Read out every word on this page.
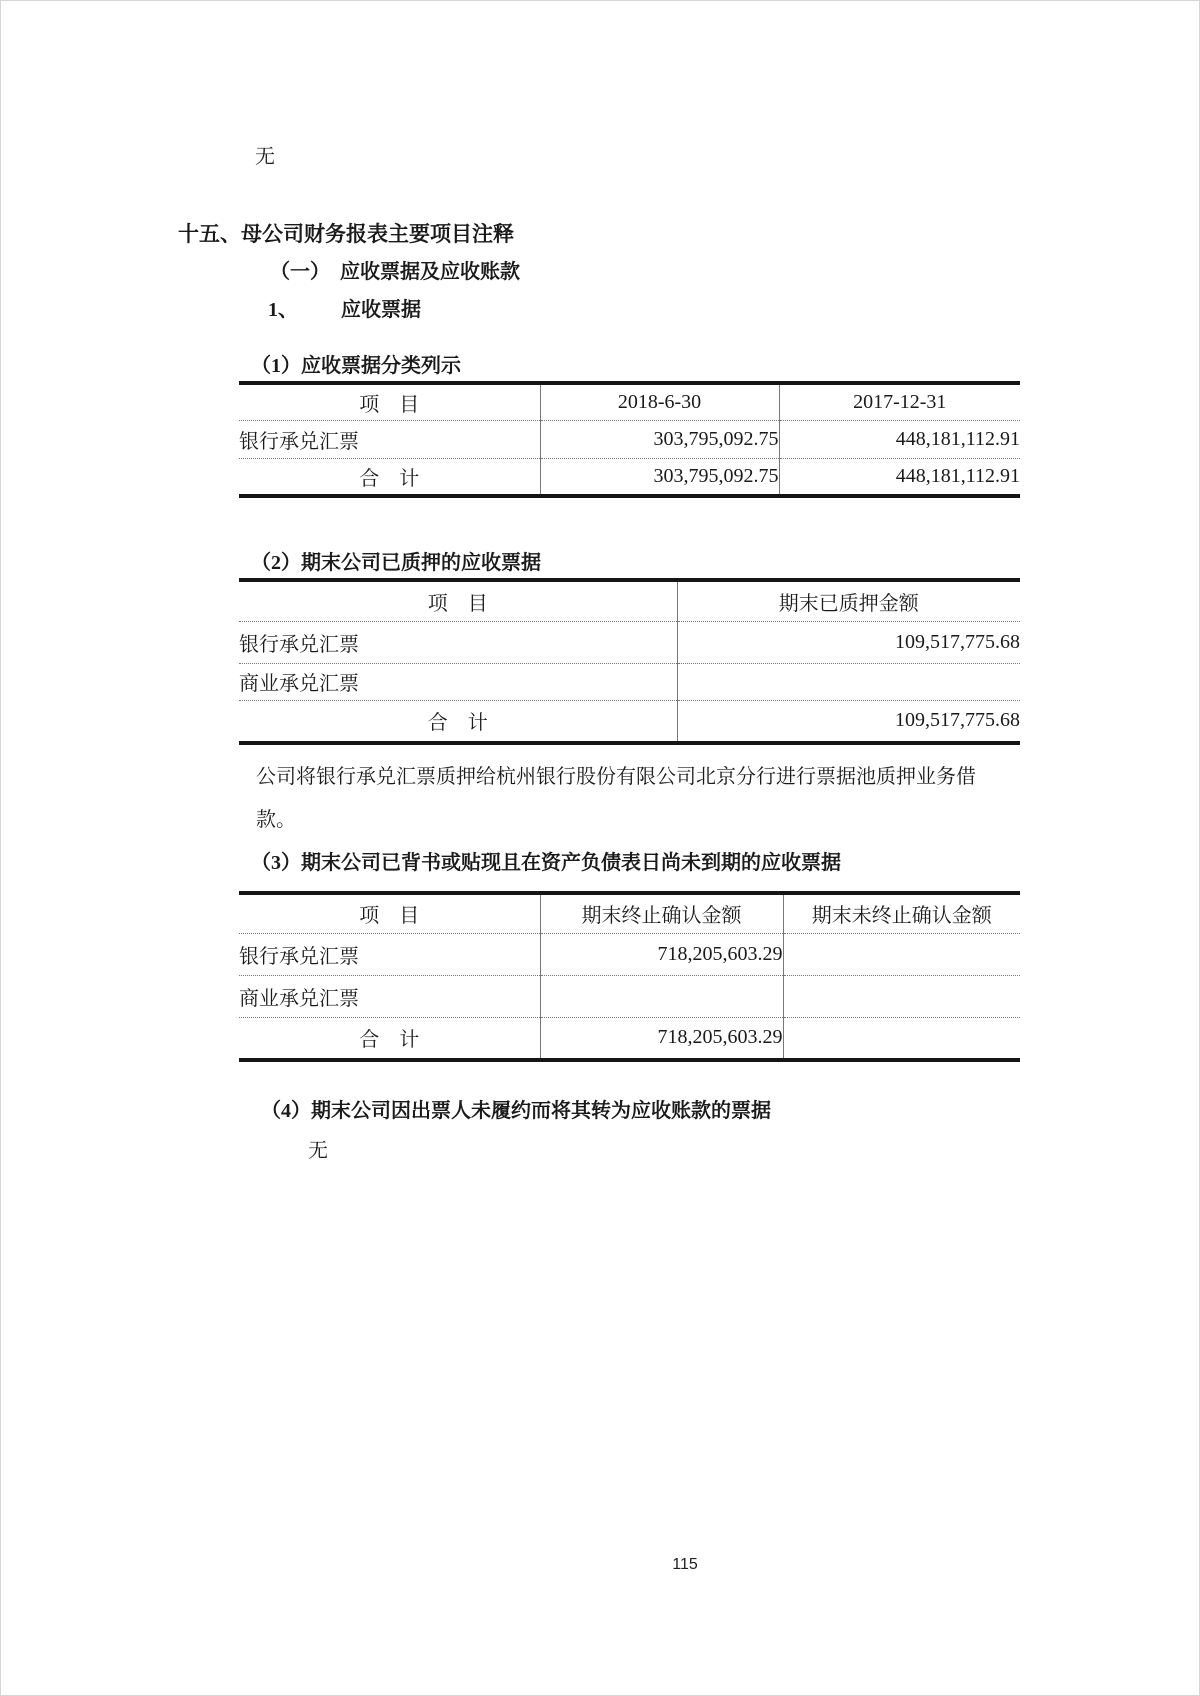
无
十五、母公司财务报表主要项目注释
（一）　应收票据及应收账款
1、 应收票据
（1）应收票据分类列示
项　目	2018-6-30	2017-12-31
银行承兑汇票	303,795,092.75	448,181,112.91
合　计	303,795,092.75	448,181,112.91
（2）期末公司已质押的应收票据
项　目	期末已质押金额
银行承兑汇票	109,517,775.68
商业承兑汇票	
合　计	109,517,775.68
公司将银行承兑汇票质押给杭州银行股份有限公司北京分行进行票据池质押业务借
款。
（3）期末公司已背书或贴现且在资产负债表日尚未到期的应收票据
项　目	期末终止确认金额	期末未终止确认金额
银行承兑汇票	718,205,603.29	
商业承兑汇票		
合　计	718,205,603.29	
（4）期末公司因出票人未履约而将其转为应收账款的票据
无
115
